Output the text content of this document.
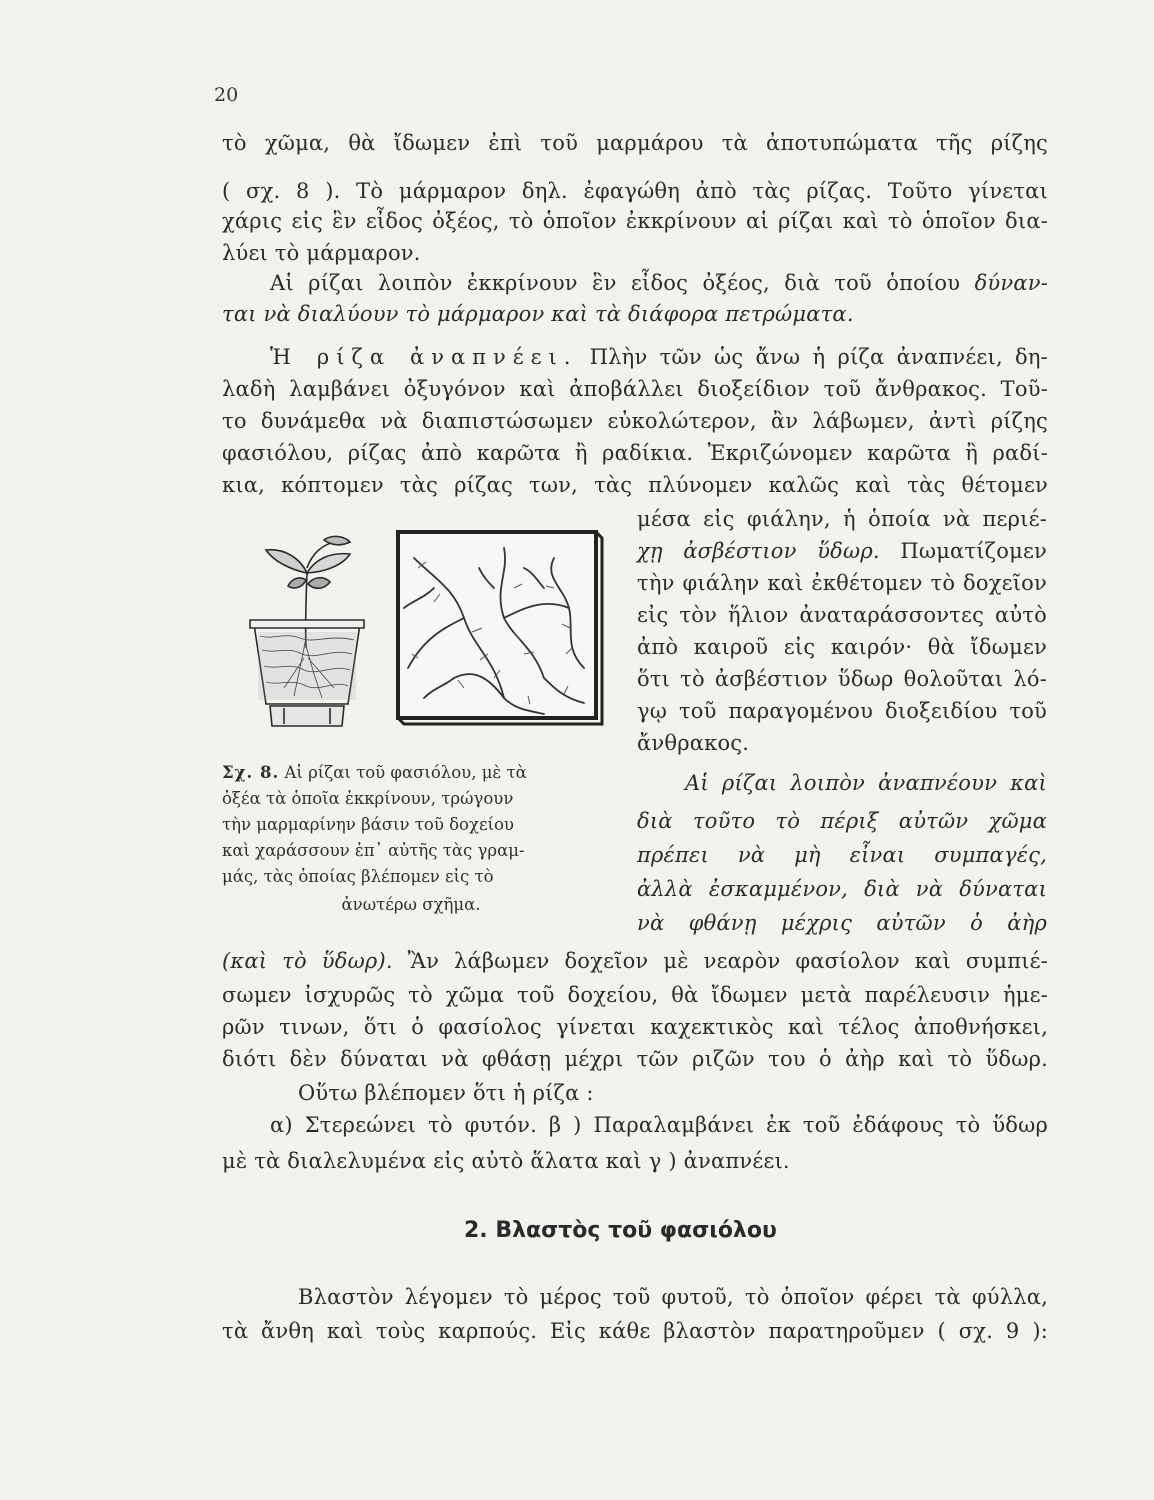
20
τὸ χῶμα, θὰ ἴδωμεν ἐπὶ τοῦ μαρμάρου τὰ ἀποτυπώματα τῆς ρίζης
( σχ. 8 ). Τὸ μάρμαρον δηλ. ἐφαγώθη ἀπὸ τὰς ρίζας. Τοῦτο γίνεται
χάρις εἰς ἓν εἶδος ὀξέος, τὸ ὁποῖον ἐκκρίνουν αἱ ρίζαι καὶ τὸ ὁποῖον δια-
λύει τὸ μάρμαρον.
Αἱ ρίζαι λοιπὸν ἐκκρίνουν ἓν εἶδος ὀξέος, διὰ τοῦ ὁποίου δύναν-
ται νὰ διαλύουν τὸ μάρμαρον καὶ τὰ διάφορα πετρώματα.
Ἡ ρίζα ἀναπνέει. Πλὴν τῶν ὡς ἄνω ἡ ρίζα ἀναπνέει, δη-
λαδὴ λαμβάνει ὀξυγόνον καὶ ἀποβάλλει διοξείδιον τοῦ ἄνθρακος. Τοῦ-
το δυνάμεθα νὰ διαπιστώσωμεν εὐκολώτερον, ἂν λάβωμεν, ἀντὶ ρίζης
φασιόλου, ρίζας ἀπὸ καρῶτα ἢ ραδίκια. Ἐκριζώνομεν καρῶτα ἢ ραδί-
κια, κόπτομεν τὰς ρίζας των, τὰς πλύνομεν καλῶς καὶ τὰς θέτομεν
μέσα εἰς φιάλην, ἡ ὁποία νὰ περιέ-
χῃ ἀσβέστιον ὕδωρ. Πωματίζομεν
τὴν φιάλην καὶ ἐκθέτομεν τὸ δοχεῖον
εἰς τὸν ἥλιον ἀναταράσσοντες αὐτὸ
ἀπὸ καιροῦ εἰς καιρόν· θὰ ἴδωμεν
ὅτι τὸ ἀσβέστιον ὕδωρ θολοῦται λό-
γῳ τοῦ παραγομένου διοξειδίου τοῦ
ἄνθρακος.
Αἱ ρίζαι λοιπὸν ἀναπνέουν καὶ
διὰ τοῦτο τὸ πέριξ αὐτῶν χῶμα
πρέπει νὰ μὴ εἶναι συμπαγές,
ἀλλὰ ἐσκαμμένον, διὰ νὰ δύναται
νὰ φθάνῃ μέχρις αὐτῶν ὁ ἀὴρ
Σχ. 8. Αἱ ρίζαι τοῦ φασιόλου, μὲ τὰ
ὀξέα τὰ ὁποῖα ἐκκρίνουν, τρώγουν
τὴν μαρμαρίνην βάσιν τοῦ δοχείου
καὶ χαράσσουν ἐπ᾽ αὐτῆς τὰς γραμ-
μάς, τὰς ὁποίας βλέπομεν εἰς τὸ
ἀνωτέρω σχῆμα.
(καὶ τὸ ὕδωρ). Ἂν λάβωμεν δοχεῖον μὲ νεαρὸν φασίολον καὶ συμπιέ-
σωμεν ἰσχυρῶς τὸ χῶμα τοῦ δοχείου, θὰ ἴδωμεν μετὰ παρέλευσιν ἡμε-
ρῶν τινων, ὅτι ὁ φασίολος γίνεται καχεκτικὸς καὶ τέλος ἀποθνήσκει,
διότι δὲν δύναται νὰ φθάσῃ μέχρι τῶν ριζῶν του ὁ ἀὴρ καὶ τὸ ὕδωρ.
Οὕτω βλέπομεν ὅτι ἡ ρίζα :
α) Στερεώνει τὸ φυτόν. β ) Παραλαμβάνει ἐκ τοῦ ἐδάφους τὸ ὕδωρ
μὲ τὰ διαλελυμένα εἰς αὐτὸ ἅλατα καὶ γ ) ἀναπνέει.
2. Βλαστὸς τοῦ φασιόλου
Βλαστὸν λέγομεν τὸ μέρος τοῦ φυτοῦ, τὸ ὁποῖον φέρει τὰ φύλλα,
τὰ ἄνθη καὶ τοὺς καρπούς. Εἰς κάθε βλαστὸν παρατηροῦμεν ( σχ. 9 ):
